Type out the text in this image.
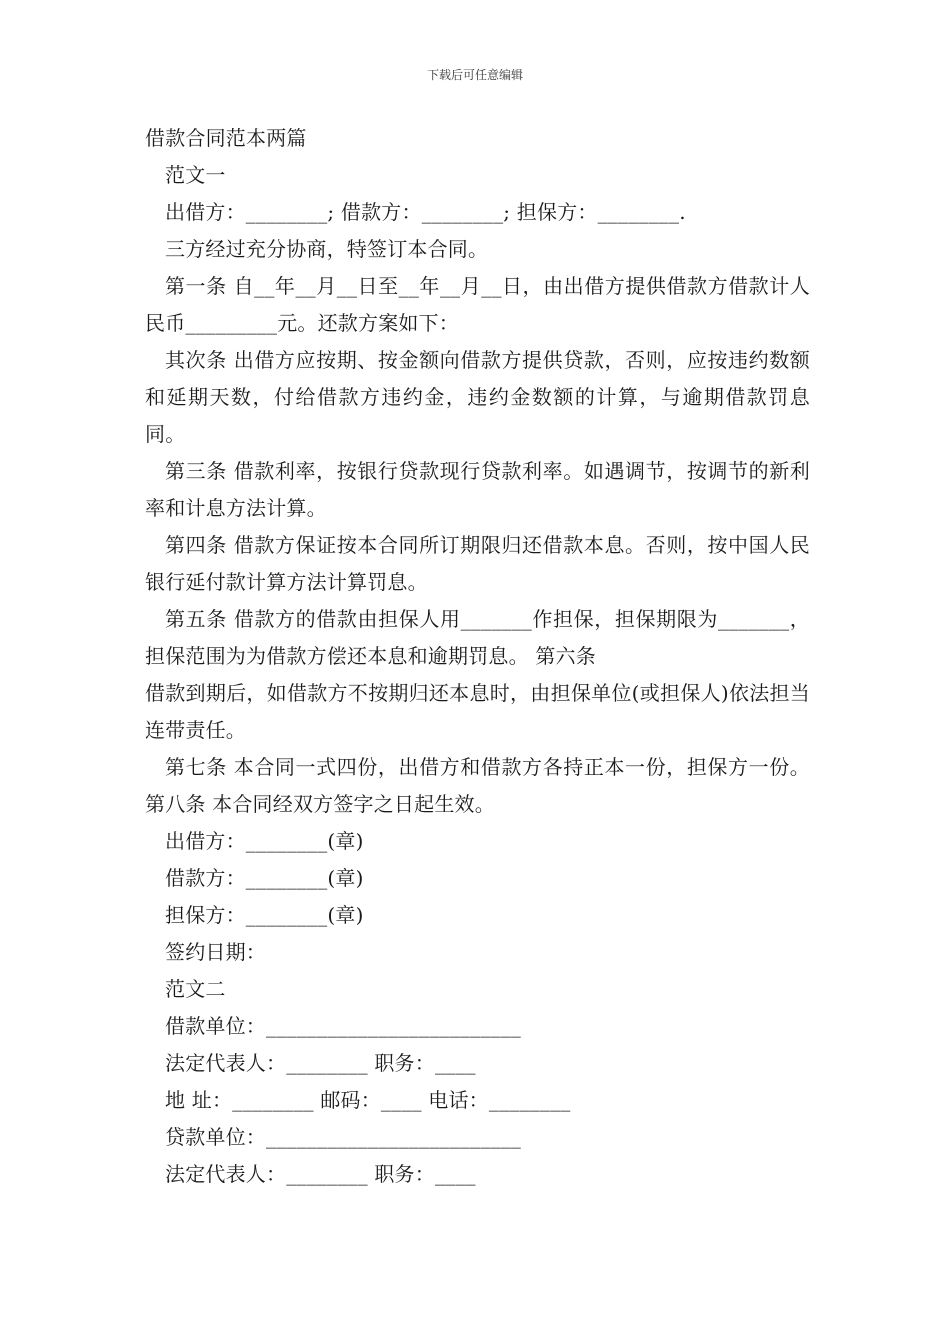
下载后可任意编辑

借款合同范本两篇

范文一

出借方：________; 借款方：________; 担保方：________.

三方经过充分协商，特签订本合同。

第一条 自__年__月__日至__年__月__日，由出借方提供借款方借款计人民币_________元。还款方案如下：

其次条 出借方应按期、按金额向借款方提供贷款，否则，应按违约数额和延期天数，付给借款方违约金，违约金数额的计算，与逾期借款罚息同。

第三条 借款利率，按银行贷款现行贷款利率。如遇调节，按调节的新利率和计息方法计算。

第四条 借款方保证按本合同所订期限归还借款本息。否则，按中国人民银行延付款计算方法计算罚息。

第五条 借款方的借款由担保人用_______作担保，担保期限为_______，担保范围为为借款方偿还本息和逾期罚息。 第六条

借款到期后，如借款方不按期归还本息时，由担保单位(或担保人)依法担当连带责任。

第七条 本合同一式四份，出借方和借款方各持正本一份，担保方一份。 第八条 本合同经双方签字之日起生效。

出借方：________(章)

借款方：________(章)

担保方：________(章)

签约日期：

范文二

借款单位：_________________________

法定代表人：________ 职务：____

地 址：________ 邮码：____ 电话：________

贷款单位：_________________________

法定代表人：________ 职务：____
